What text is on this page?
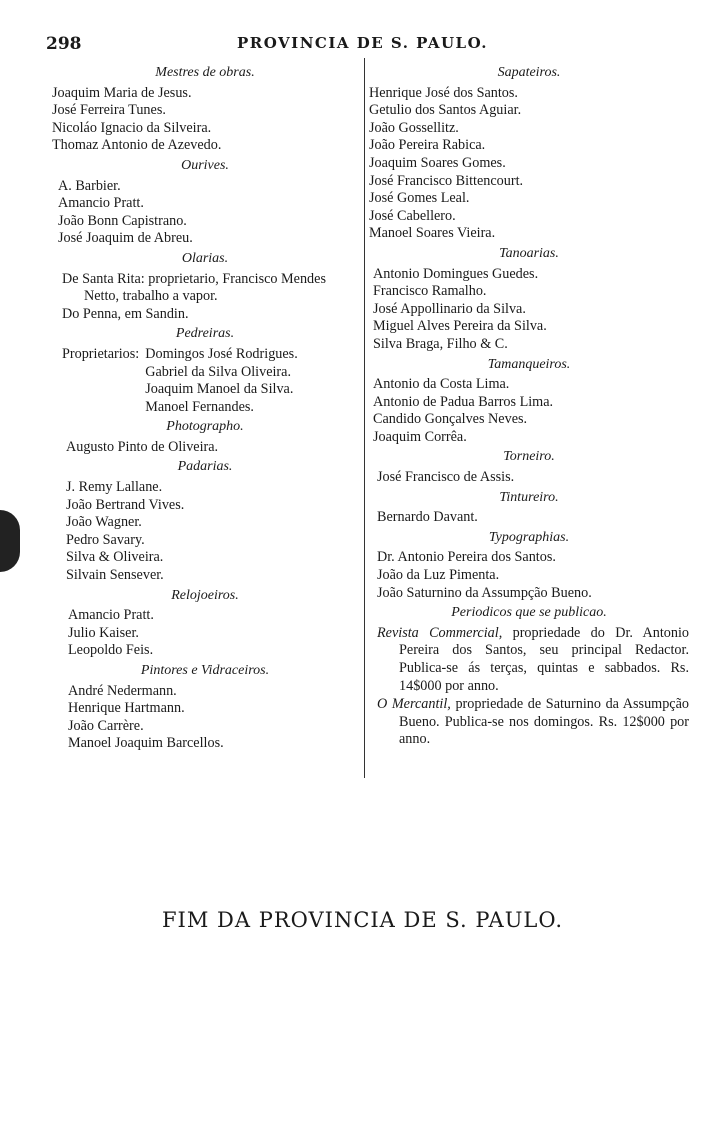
298	PROVINCIA DE S. PAULO.
Mestres de obras.
Joaquim Maria de Jesus.
José Ferreira Tunes.
Nicoláo Ignacio da Silveira.
Thomaz Antonio de Azevedo.
Ourives.
A. Barbier.
Amancio Pratt.
João Bonn Capistrano.
José Joaquim de Abreu.
Olarias.
De Santa Rita: proprietario, Francisco Mendes Netto, trabalho a vapor.
Do Penna, em Sandin.
Pedreiras.
Proprietarios: Domingos José Rodrigues.
Gabriel da Silva Oliveira.
Joaquim Manoel da Silva.
Manoel Fernandes.
Photographo.
Augusto Pinto de Oliveira.
Padarias.
J. Remy Lallane.
João Bertrand Vives.
João Wagner.
Pedro Savary.
Silva & Oliveira.
Silvain Sensever.
Relojoeiros.
Amancio Pratt.
Julio Kaiser.
Leopoldo Feis.
Pintores e Vidraceiros.
André Nedermann.
Henrique Hartmann.
João Carrère.
Manoel Joaquim Barcellos.
Sapateiros.
Henrique José dos Santos.
Getulio dos Santos Aguiar.
João Gossellitz.
João Pereira Rabica.
Joaquim Soares Gomes.
José Francisco Bittencourt.
José Gomes Leal.
José Cabellero.
Manoel Soares Vieira.
Tanoarias.
Antonio Domingues Guedes.
Francisco Ramalho.
José Appollinario da Silva.
Miguel Alves Pereira da Silva.
Silva Braga, Filho & C.
Tamanqueiros.
Antonio da Costa Lima.
Antonio de Padua Barros Lima.
Candido Gonçalves Neves.
Joaquim Corrêa.
Torneiro.
José Francisco de Assis.
Tintureiro.
Bernardo Davant.
Typographias.
Dr. Antonio Pereira dos Santos.
João da Luz Pimenta.
João Saturnino da Assumpção Bueno.
Periodicos que se publicao.
Revista Commercial, propriedade do Dr. Antonio Pereira dos Santos, seu principal Redactor. Publica-se ás terças, quintas e sabbados. Rs. 14$000 por anno.
O Mercantil, propriedade de Saturnino da Assumpção Bueno. Publica-se nos domingos. Rs. 12$000 por anno.
FIM DA PROVINCIA DE S. PAULO.
